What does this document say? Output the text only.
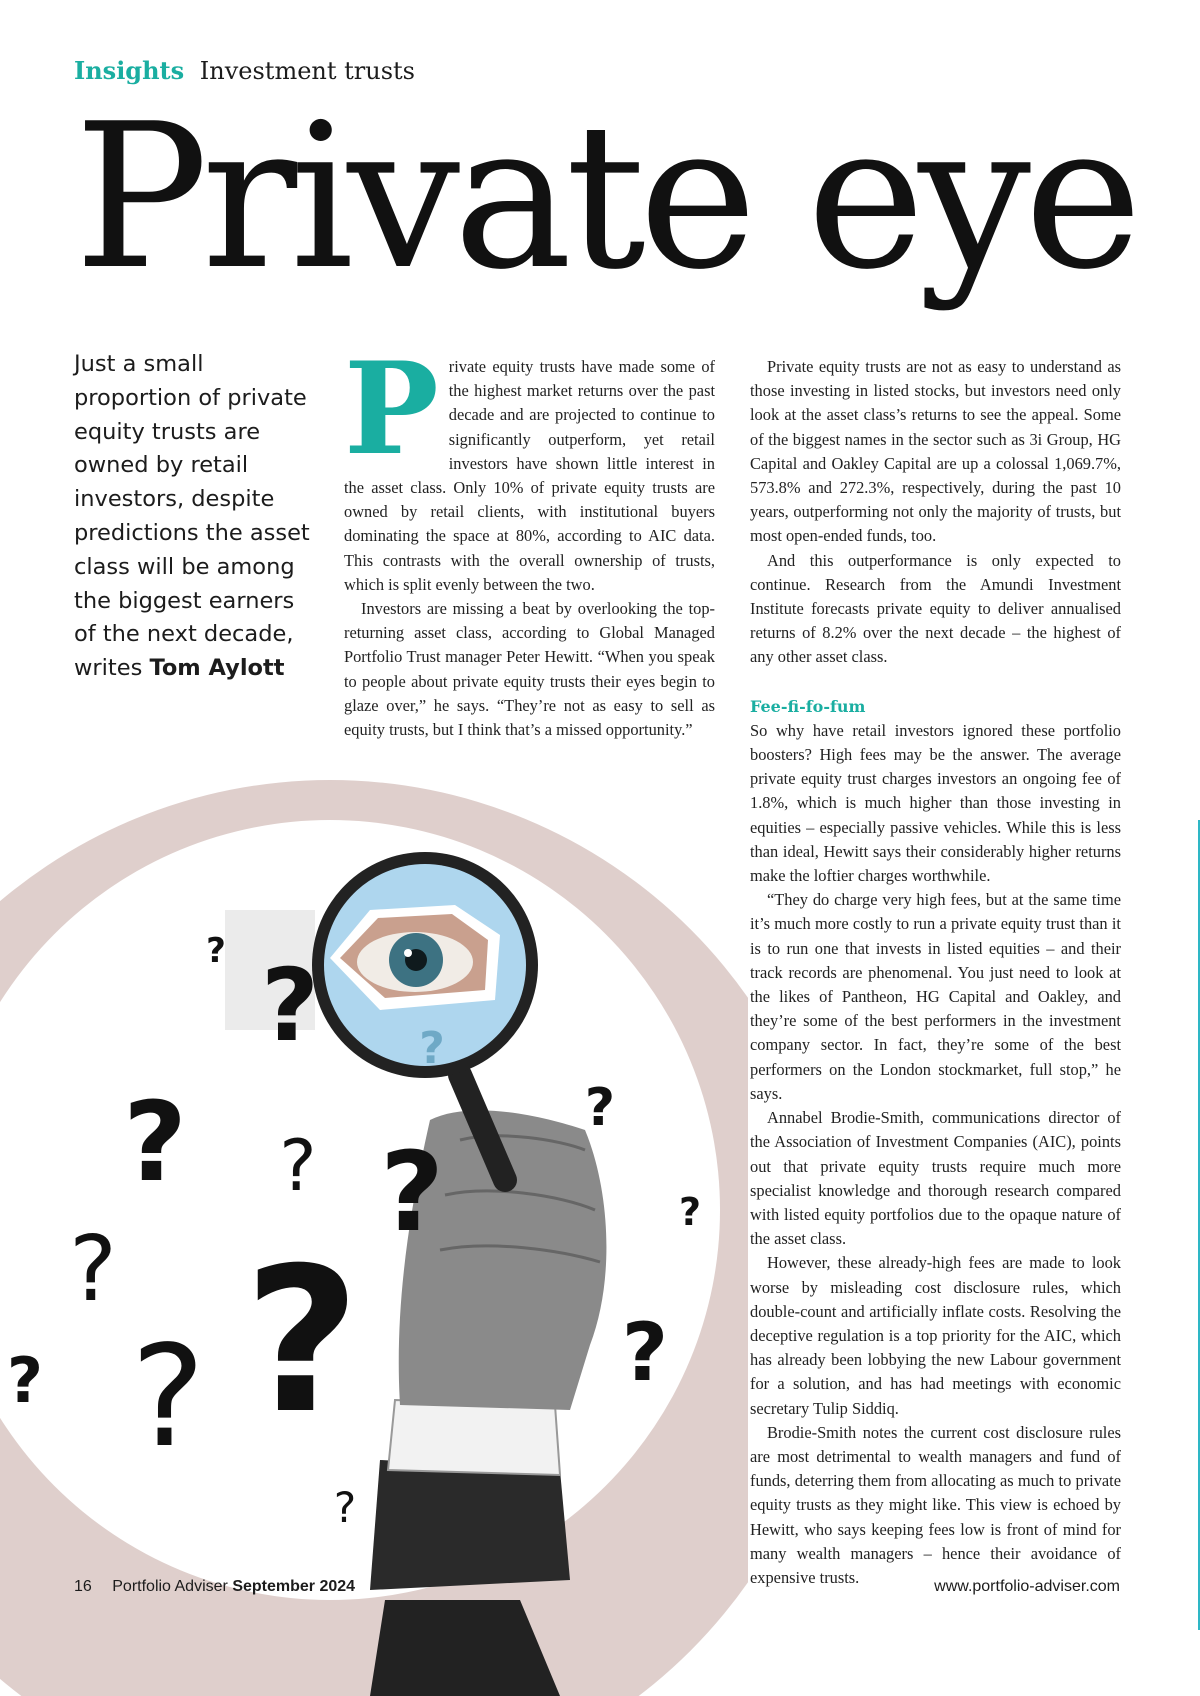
Insights Investment trusts
Private eye
Just a small proportion of private equity trusts are owned by retail investors, despite predictions the asset class will be among the biggest earners of the next decade, writes Tom Aylott

Private equity trusts have made some of the highest market returns over the past decade and are projected to continue to significantly outperform, yet retail investors have shown little interest in the asset class. Only 10% of private equity trusts are owned by retail clients, with institutional buyers dominating the space at 80%, according to AIC data. This contrasts with the overall ownership of trusts, which is split evenly between the two.

Investors are missing a beat by overlooking the top-returning asset class, according to Global Managed Portfolio Trust manager Peter Hewitt. “When you speak to people about private equity trusts their eyes begin to glaze over,” he says. “They’re not as easy to sell as equity trusts, but I think that’s a missed opportunity.”

Private equity trusts are not as easy to understand as those investing in listed stocks, but investors need only look at the asset class’s returns to see the appeal. Some of the biggest names in the sector such as 3i Group, HG Capital and Oakley Capital are up a colossal 1,069.7%, 573.8% and 272.3%, respectively, during the past 10 years, outperforming not only the majority of trusts, but most open-ended funds, too.

And this outperformance is only expected to continue. Research from the Amundi Investment Institute forecasts private equity to deliver annualised returns of 8.2% over the next decade – the highest of any other asset class.

Fee-fi-fo-fum

So why have retail investors ignored these portfolio boosters? High fees may be the answer. The average private equity trust charges investors an ongoing fee of 1.8%, which is much higher than those investing in equities – especially passive vehicles. While this is less than ideal, Hewitt says their considerably higher returns make the loftier charges worthwhile.

“They do charge very high fees, but at the same time it’s much more costly to run a private equity trust than it is to run one that invests in listed equities – and their track records are phenomenal. You just need to look at the likes of Pantheon, HG Capital and Oakley, and they’re some of the best performers in the investment company sector. In fact, they’re some of the best performers on the London stockmarket, full stop,” he says.

Annabel Brodie-Smith, communications director of the Association of Investment Companies (AIC), points out that private equity trusts require much more specialist knowledge and thorough research compared with listed equity portfolios due to the opaque nature of the asset class.

However, these already-high fees are made to look worse by misleading cost disclosure rules, which double-count and artificially inflate costs. Resolving the deceptive regulation is a top priority for the AIC, which has already been lobbying the new Labour government for a solution, and has had meetings with economic secretary Tulip Siddiq.

Brodie-Smith notes the current cost disclosure rules are most detrimental to wealth managers and fund of funds, deterring them from allocating as much to private equity trusts as they might like. This view is echoed by Hewitt, who says keeping fees low is front of mind for many wealth managers – hence their avoidance of expensive trusts.

?
? ?
? ? ?
?
?
? ?
?
?	?
?
16 Portfolio Adviser September 2024	www.portfolio-adviser.com
